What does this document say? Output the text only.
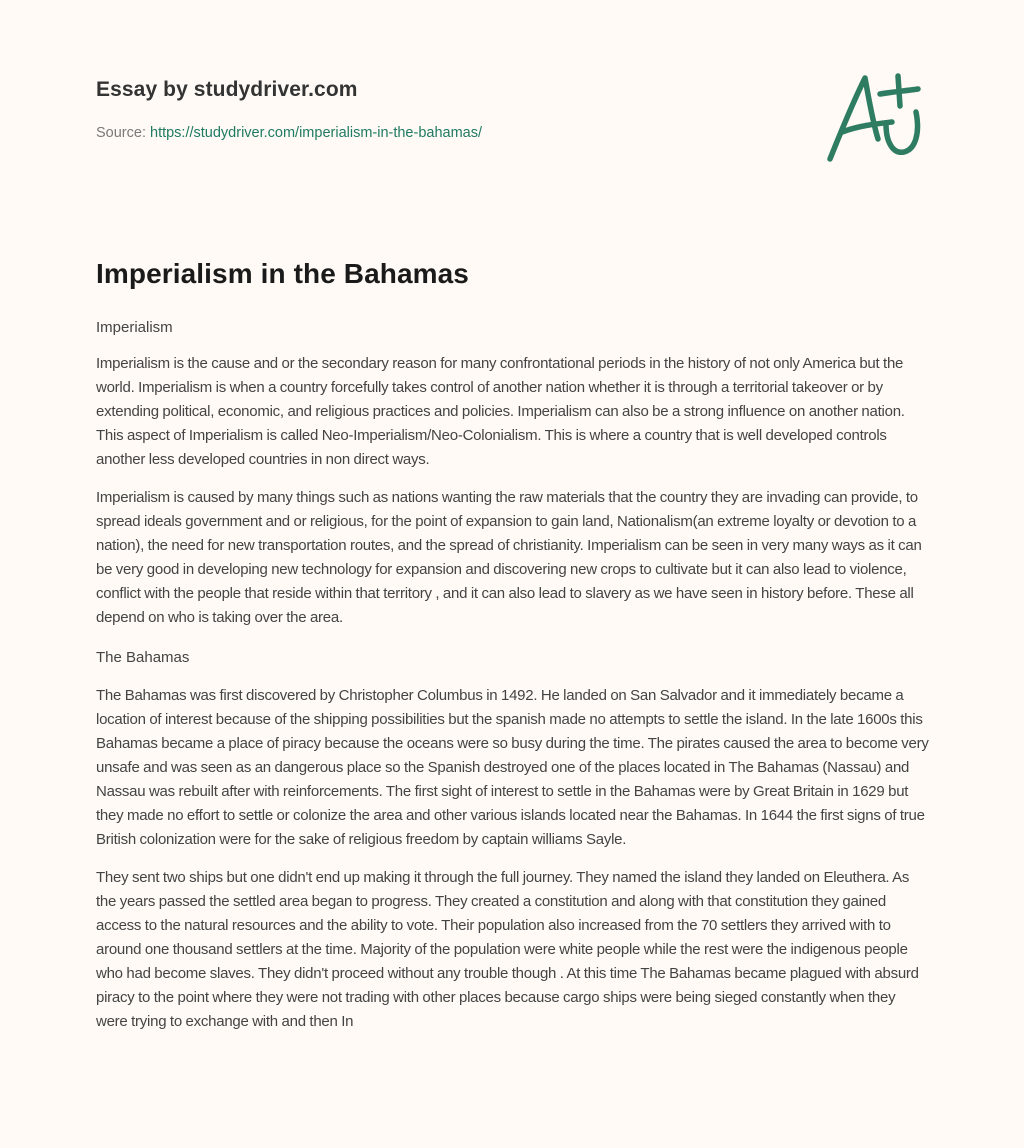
Essay by studydriver.com
Source: https://studydriver.com/imperialism-in-the-bahamas/
Imperialism in the Bahamas

Imperialism

Imperialism is the cause and or the secondary reason for many confrontational periods in the history of not only America but the world. Imperialism is when a country forcefully takes control of another nation whether it is through a territorial takeover or by extending political, economic, and religious practices and policies. Imperialism can also be a strong influence on another nation. This aspect of Imperialism is called Neo-Imperialism/Neo-Colonialism. This is where a country that is well developed controls another less developed countries in non direct ways.

Imperialism is caused by many things such as nations wanting the raw materials that the country they are invading can provide, to spread ideals government and or religious, for the point of expansion to gain land, Nationalism(an extreme loyalty or devotion to a nation), the need for new transportation routes, and the spread of christianity. Imperialism can be seen in very many ways as it can be very good in developing new technology for expansion and discovering new crops to cultivate but it can also lead to violence, conflict with the people that reside within that territory , and it can also lead to slavery as we have seen in history before. These all depend on who is taking over the area.

The Bahamas

The Bahamas was first discovered by Christopher Columbus in 1492. He landed on San Salvador and it immediately became a location of interest because of the shipping possibilities but the spanish made no attempts to settle the island. In the late 1600s this Bahamas became a place of piracy because the oceans were so busy during the time. The pirates caused the area to become very unsafe and was seen as an dangerous place so the Spanish destroyed one of the places located in The Bahamas (Nassau) and Nassau was rebuilt after with reinforcements. The first sight of interest to settle in the Bahamas were by Great Britain in 1629 but they made no effort to settle or colonize the area and other various islands located near the Bahamas. In 1644 the first signs of true British colonization were for the sake of religious freedom by captain williams Sayle.

They sent two ships but one didn't end up making it through the full journey. They named the island they landed on Eleuthera. As the years passed the settled area began to progress. They created a constitution and along with that constitution they gained access to the natural resources and the ability to vote. Their population also increased from the 70 settlers they arrived with to around one thousand settlers at the time. Majority of the population were white people while the rest were the indigenous people who had become slaves. They didn't proceed without any trouble though . At this time The Bahamas became plagued with absurd piracy to the point where they were not trading with other places because cargo ships were being sieged constantly when they were trying to exchange with and then In
